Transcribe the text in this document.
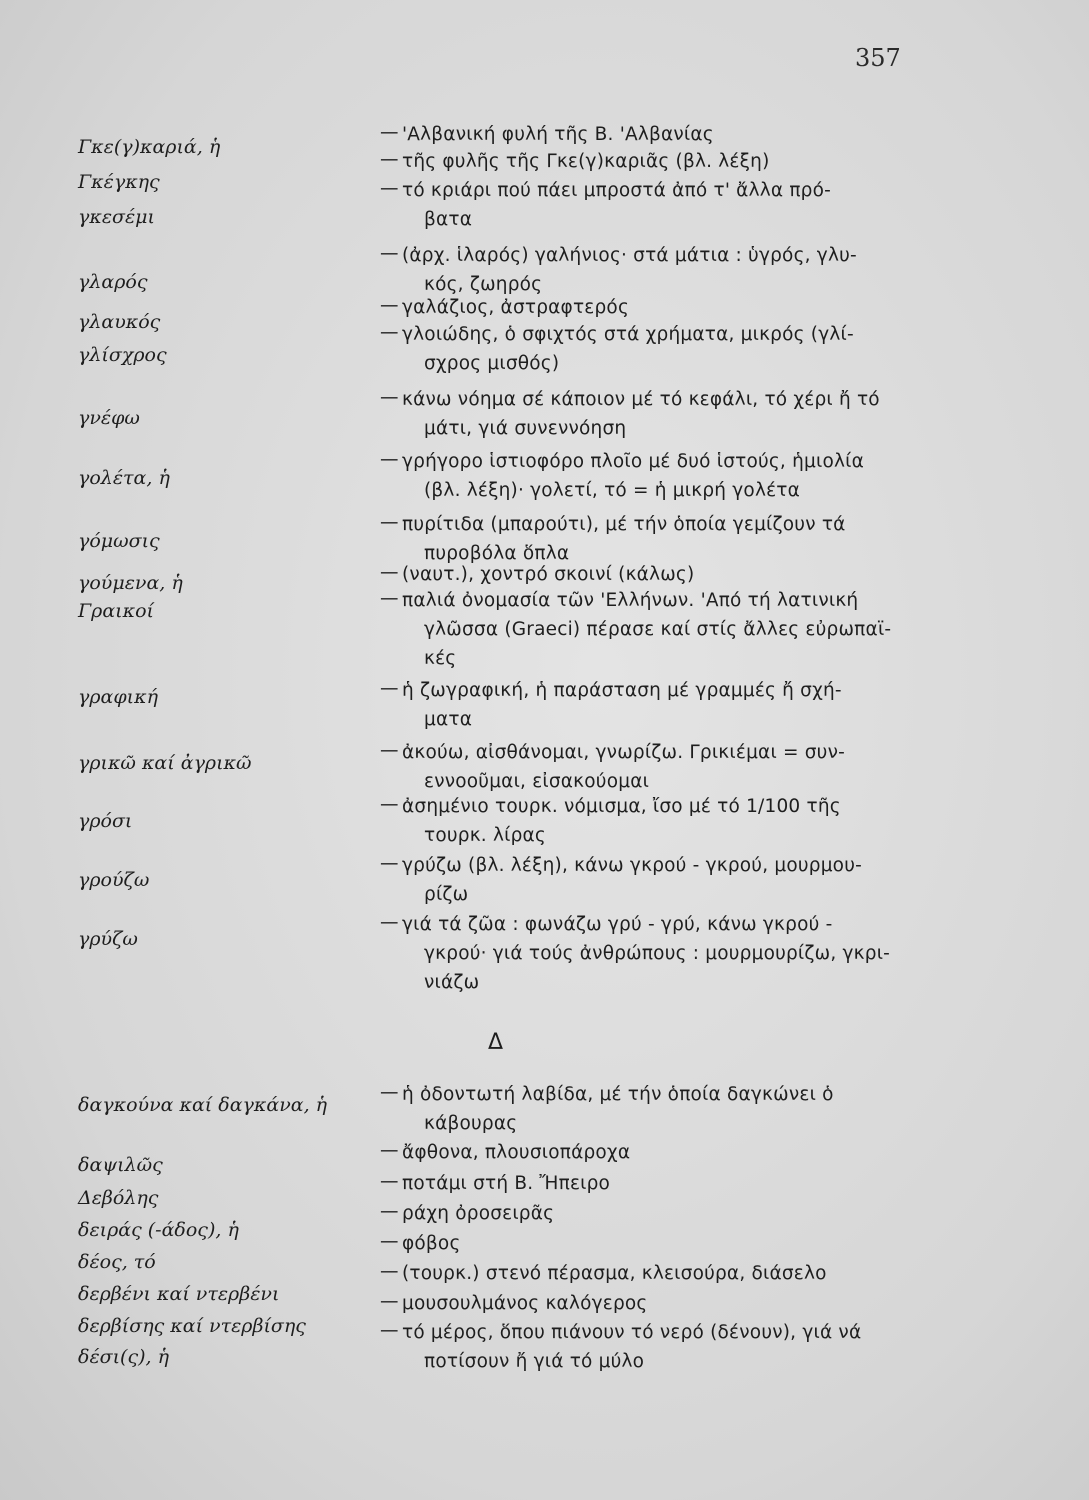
357
Γκε(γ)καριά, ἡ
— 'Αλβανική φυλή τῆς Β. 'Αλβανίας
Γκέγκης
— τῆς φυλῆς τῆς Γκε(γ)καριᾶς (βλ. λέξη)
γκεσέμι
— τό κριάρι πού πάει μπροστά ἀπό τ' ἄλλα πρό-
βατα
γλαρός
— (ἀρχ. ἱλαρός) γαλήνιος· στά μάτια : ὑγρός, γλυ-
κός, ζωηρός
γλαυκός
— γαλάζιος, ἀστραφτερός
γλίσχρος
— γλοιώδης, ὁ σφιχτός στά χρήματα, μικρός (γλί-
σχρος μισθός)
γνέφω
— κάνω νόημα σέ κάποιον μέ τό κεφάλι, τό χέρι ἤ τό
μάτι, γιά συνεννόηση
γολέτα, ἡ
— γρήγορο ἱστιοφόρο πλοῖο μέ δυό ἱστούς, ἡμιολία
(βλ. λέξη)· γολετί, τό = ἡ μικρή γολέτα
γόμωσις
— πυρίτιδα (μπαρούτι), μέ τήν ὁποία γεμίζουν τά
πυροβόλα ὅπλα
γούμενα, ἡ	— (ναυτ.), χοντρό σκοινί (κάλως)
Γραικοί
— παλιά ὀνομασία τῶν 'Ελλήνων. 'Από τή λατινική
γλῶσσα (Graeci) πέρασε καί στίς ἄλλες εὐρωπαϊ-
κές
γραφική	— ἡ ζωγραφική, ἡ παράσταση μέ γραμμές ἤ σχή-
ματα
γρικῶ καί ἀγρικῶ
— ἀκούω, αἰσθάνομαι, γνωρίζω. Γρικιέμαι = συν-
εννοοῦμαι, εἰσακούομαι
γρόσι
— ἀσημένιο τουρκ. νόμισμα, ἴσο μέ τό 1/100 τῆς
τουρκ. λίρας
γρούζω
— γρύζω (βλ. λέξη), κάνω γκρού - γκρού, μουρμου-
ρίζω
γρύζω
— γιά τά ζῶα : φωνάζω γρύ - γρύ, κάνω γκρού -
γκρού· γιά τούς ἀνθρώπους : μουρμουρίζω, γκρι-
νιάζω
δαγκούνα καί δαγκάνα, ἡ
— ἡ ὀδοντωτή λαβίδα, μέ τήν ὁποία δαγκώνει ὁ
κάβουρας
δαψιλῶς
— ἄφθονα, πλουσιοπάροχα
Δεβόλης
— ποτάμι στή Β. Ἤπειρο
δειράς (-άδος), ἡ
— ράχη ὀροσειρᾶς
δέος, τό
— φόβος
δερβένι καί ντερβένι
— (τουρκ.) στενό πέρασμα, κλεισούρα, διάσελο
δερβίσης καί ντερβίσης
— μουσουλμάνος καλόγερος
δέσι(ς), ἡ
— τό μέρος, ὅπου πιάνουν τό νερό (δένουν), γιά νά
ποτίσουν ἤ γιά τό μύλο
Δ
